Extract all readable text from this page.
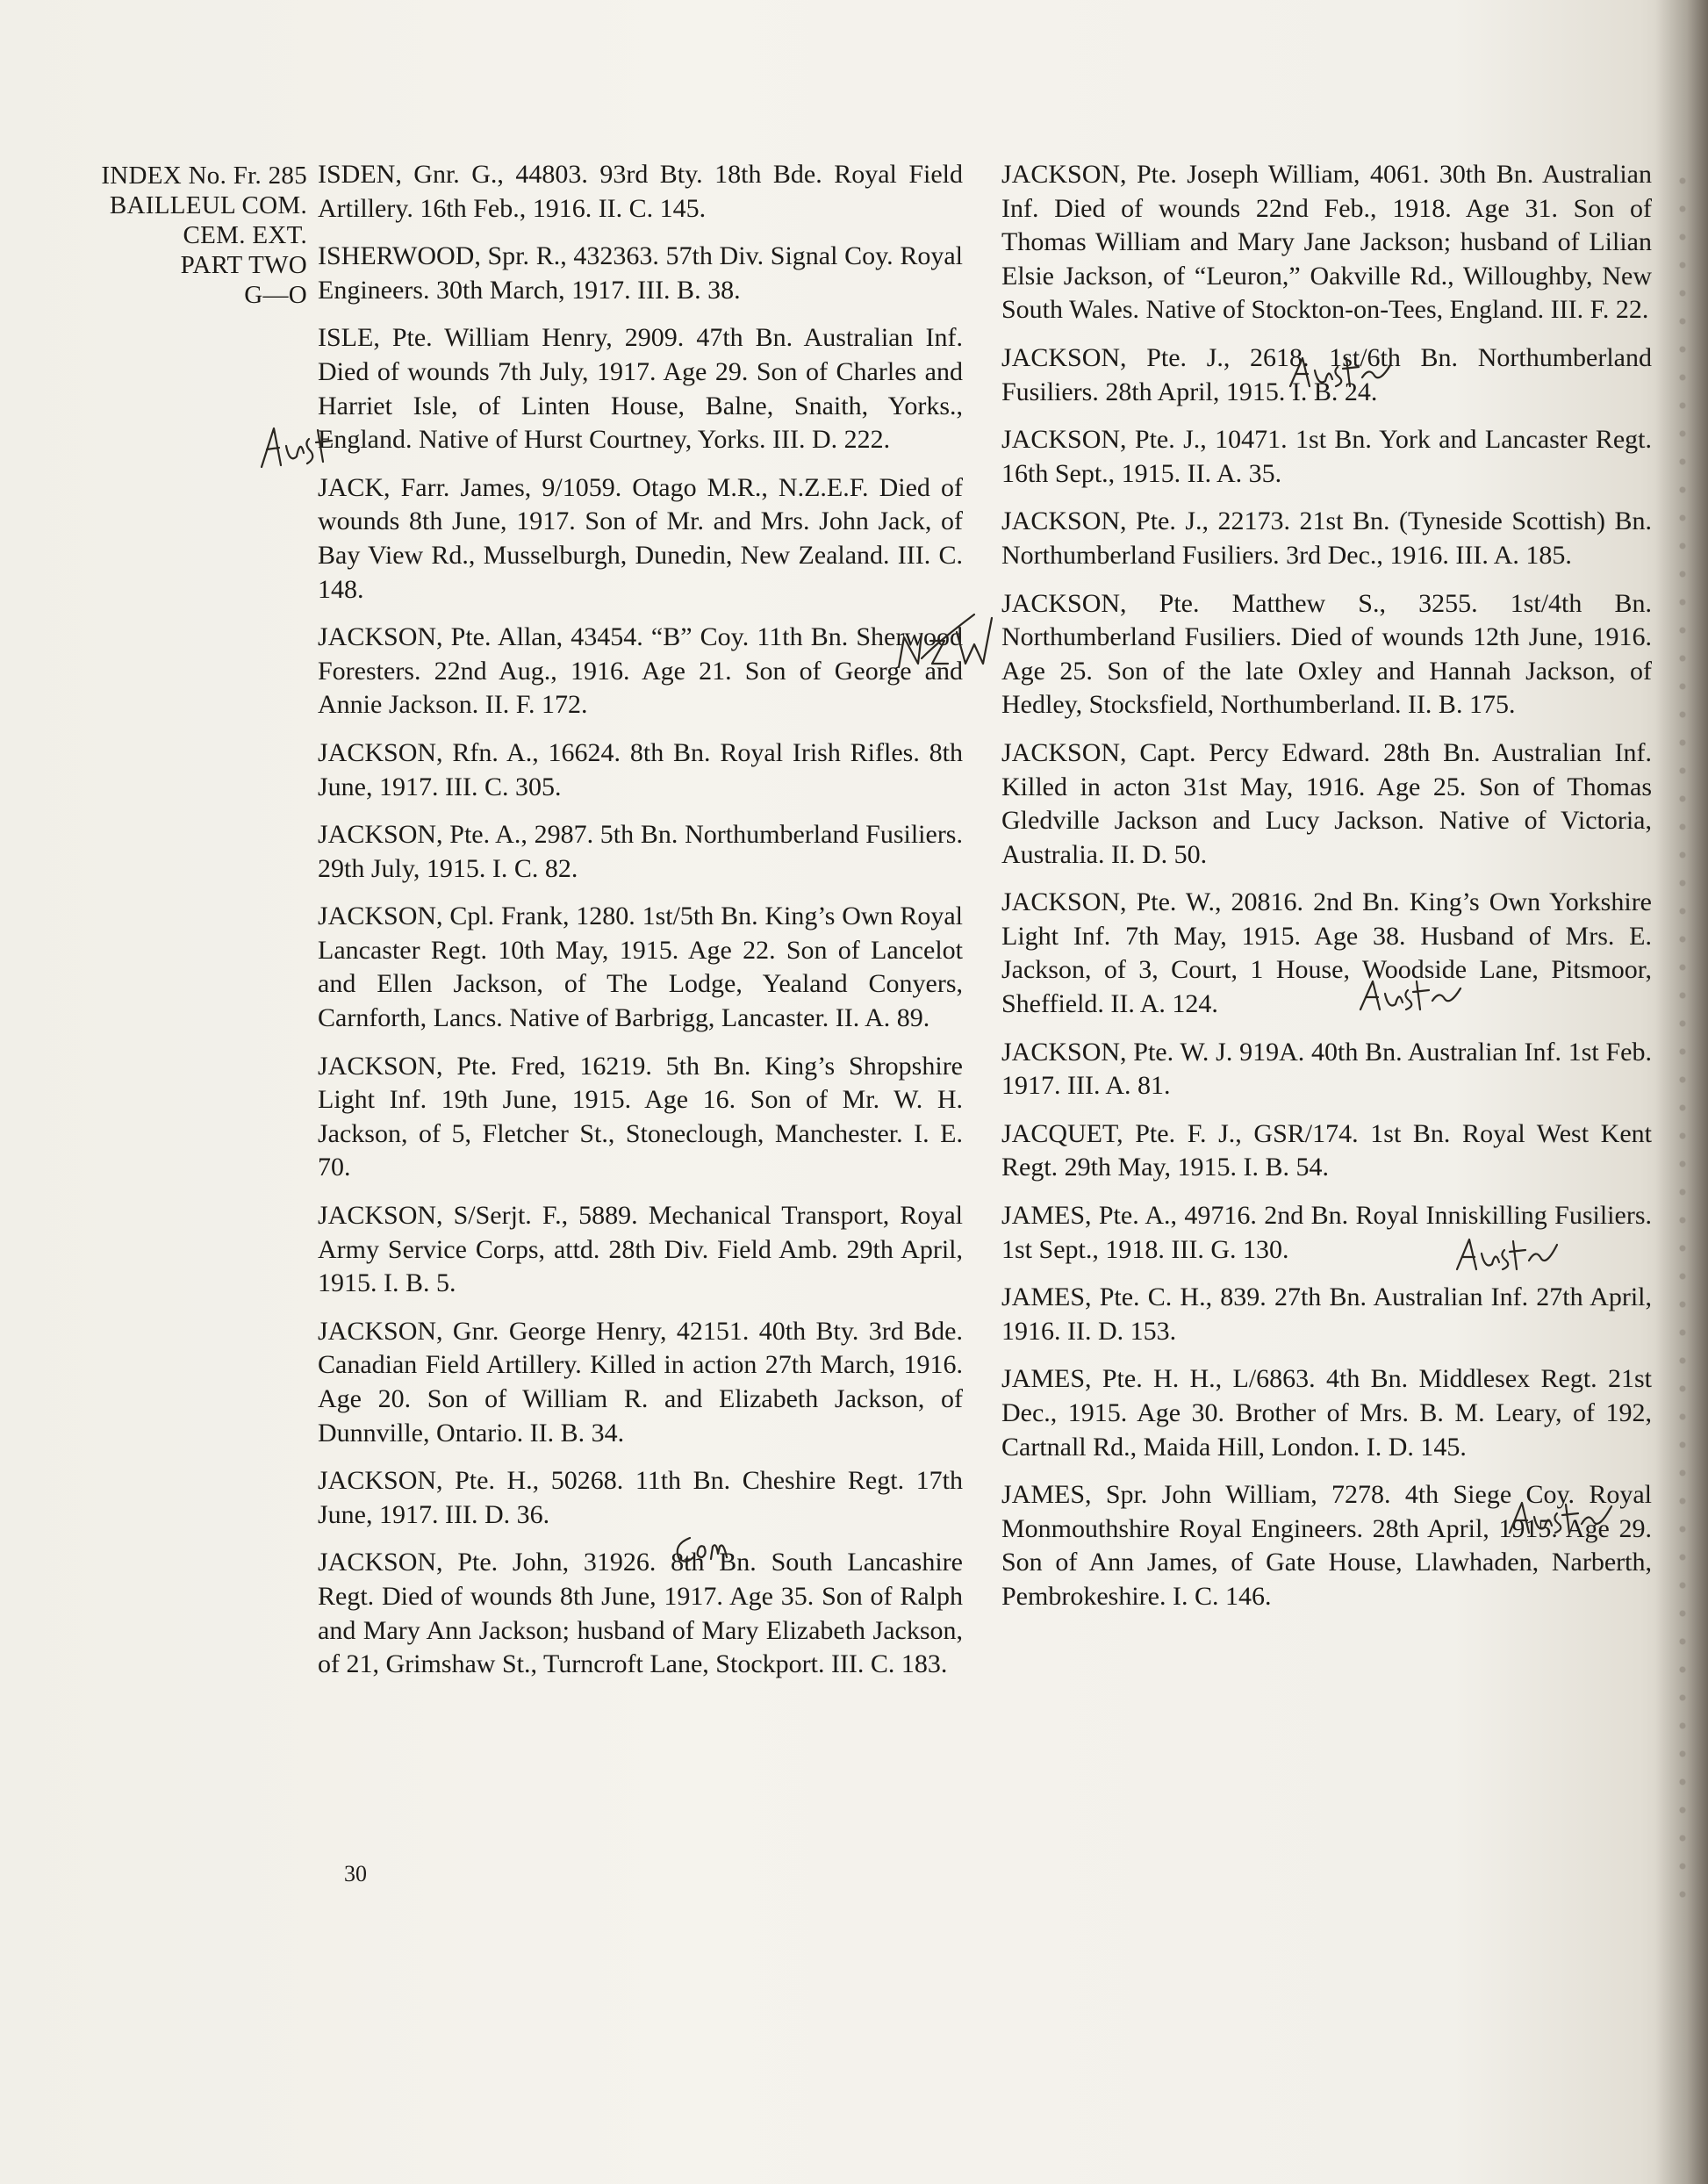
INDEX No. Fr. 285
BAILLEUL COM.
CEM. EXT.
PART TWO
G—O

ISDEN, Gnr. G., 44803. 93rd Bty. 18th Bde. Royal Field Artillery. 16th Feb., 1916. II. C. 145.

ISHERWOOD, Spr. R., 432363. 57th Div. Signal Coy. Royal Engineers. 30th March, 1917. III. B. 38.

ISLE, Pte. William Henry, 2909. 47th Bn. Australian Inf. Died of wounds 7th July, 1917. Age 29. Son of Charles and Harriet Isle, of Linten House, Balne, Snaith, Yorks., England. Native of Hurst Courtney, Yorks. III. D. 222.

JACK, Farr. James, 9/1059. Otago M.R., N.Z.E.F. Died of wounds 8th June, 1917. Son of Mr. and Mrs. John Jack, of Bay View Rd., Musselburgh, Dunedin, New Zealand. III. C. 148.

JACKSON, Pte. Allan, 43454. “B” Coy. 11th Bn. Sherwood Foresters. 22nd Aug., 1916. Age 21. Son of George and Annie Jackson. II. F. 172.

JACKSON, Rfn. A., 16624. 8th Bn. Royal Irish Rifles. 8th June, 1917. III. C. 305.

JACKSON, Pte. A., 2987. 5th Bn. Northumberland Fusiliers. 29th July, 1915. I. C. 82.

JACKSON, Cpl. Frank, 1280. 1st/5th Bn. King’s Own Royal Lancaster Regt. 10th May, 1915. Age 22. Son of Lancelot and Ellen Jackson, of The Lodge, Yealand Conyers, Carnforth, Lancs. Native of Barbrigg, Lancaster. II. A. 89.

JACKSON, Pte. Fred, 16219. 5th Bn. King’s Shropshire Light Inf. 19th June, 1915. Age 16. Son of Mr. W. H. Jackson, of 5, Fletcher St., Stoneclough, Manchester. I. E. 70.

JACKSON, S/Serjt. F., 5889. Mechanical Transport, Royal Army Service Corps, attd. 28th Div. Field Amb. 29th April, 1915. I. B. 5.

JACKSON, Gnr. George Henry, 42151. 40th Bty. 3rd Bde. Canadian Field Artillery. Killed in action 27th March, 1916. Age 20. Son of William R. and Elizabeth Jackson, of Dunnville, Ontario. II. B. 34.

JACKSON, Pte. H., 50268. 11th Bn. Cheshire Regt. 17th June, 1917. III. D. 36.

JACKSON, Pte. John, 31926. 8th Bn. South Lancashire Regt. Died of wounds 8th June, 1917. Age 35. Son of Ralph and Mary Ann Jackson; husband of Mary Elizabeth Jackson, of 21, Grimshaw St., Turncroft Lane, Stockport. III. C. 183.

JACKSON, Pte. Joseph William, 4061. 30th Bn. Australian Inf. Died of wounds 22nd Feb., 1918. Age 31. Son of Thomas William and Mary Jane Jackson; husband of Lilian Elsie Jackson, of “Leuron,” Oakville Rd., Willoughby, New South Wales. Native of Stockton-on-Tees, England. III. F. 22.

JACKSON, Pte. J., 2618. 1st/6th Bn. Northumberland Fusiliers. 28th April, 1915. I. B. 24.

JACKSON, Pte. J., 10471. 1st Bn. York and Lancaster Regt. 16th Sept., 1915. II. A. 35.

JACKSON, Pte. J., 22173. 21st Bn. (Tyneside Scottish) Bn. Northumberland Fusiliers. 3rd Dec., 1916. III. A. 185.

JACKSON, Pte. Matthew S., 3255. 1st/4th Bn. Northumberland Fusiliers. Died of wounds 12th June, 1916. Age 25. Son of the late Oxley and Hannah Jackson, of Hedley, Stocksfield, Northumberland. II. B. 175.

JACKSON, Capt. Percy Edward. 28th Bn. Australian Inf. Killed in acton 31st May, 1916. Age 25. Son of Thomas Gledville Jackson and Lucy Jackson. Native of Victoria, Australia. II. D. 50.

JACKSON, Pte. W., 20816. 2nd Bn. King’s Own Yorkshire Light Inf. 7th May, 1915. Age 38. Husband of Mrs. E. Jackson, of 3, Court, 1 House, Woodside Lane, Pitsmoor, Sheffield. II. A. 124.

JACKSON, Pte. W. J. 919A. 40th Bn. Australian Inf. 1st Feb. 1917. III. A. 81.

JACQUET, Pte. F. J., GSR/174. 1st Bn. Royal West Kent Regt. 29th May, 1915. I. B. 54.

JAMES, Pte. A., 49716. 2nd Bn. Royal Inniskilling Fusiliers. 1st Sept., 1918. III. G. 130.

JAMES, Pte. C. H., 839. 27th Bn. Australian Inf. 27th April, 1916. II. D. 153.

JAMES, Pte. H. H., L/6863. 4th Bn. Middlesex Regt. 21st Dec., 1915. Age 30. Brother of Mrs. B. M. Leary, of 192, Cartnall Rd., Maida Hill, London. I. D. 145.

JAMES, Spr. John William, 7278. 4th Siege Coy. Royal Monmouthshire Royal Engineers. 28th April, 1915. Age 29. Son of Ann James, of Gate House, Llawhaden, Narberth, Pembrokeshire. I. C. 146.

30
